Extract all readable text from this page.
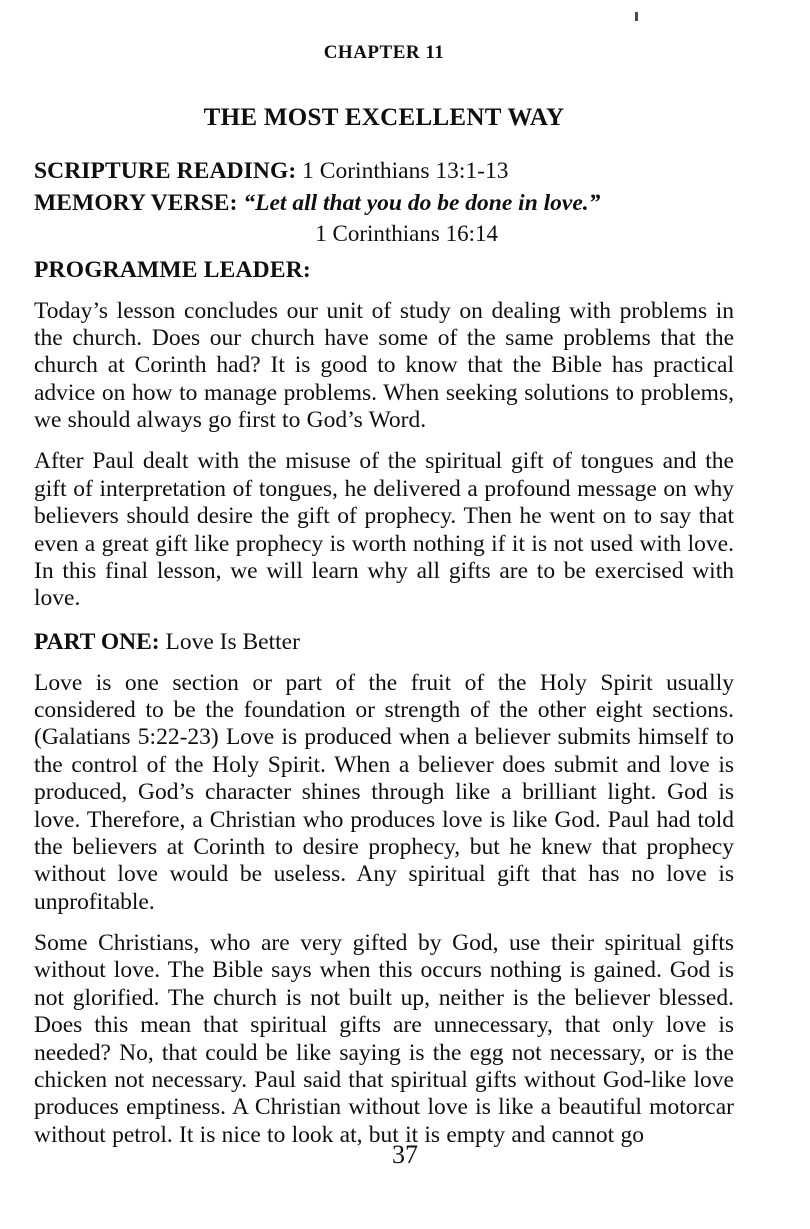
CHAPTER 11
THE MOST EXCELLENT WAY
SCRIPTURE READING: 1 Corinthians 13:1-13
MEMORY VERSE: “Let all that you do be done in love.”
1 Corinthians 16:14
PROGRAMME LEADER:

Today’s lesson concludes our unit of study on dealing with problems in the church. Does our church have some of the same problems that the church at Corinth had? It is good to know that the Bible has practical advice on how to manage problems. When seeking solutions to problems, we should always go first to God’s Word.

After Paul dealt with the misuse of the spiritual gift of tongues and the gift of interpretation of tongues, he delivered a profound message on why believers should desire the gift of prophecy. Then he went on to say that even a great gift like prophecy is worth nothing if it is not used with love. In this final lesson, we will learn why all gifts are to be exercised with love.

PART ONE: Love Is Better

Love is one section or part of the fruit of the Holy Spirit usually considered to be the foundation or strength of the other eight sections. (Galatians 5:22-23) Love is produced when a believer submits himself to the control of the Holy Spirit. When a believer does submit and love is produced, God’s character shines through like a brilliant light. God is love. Therefore, a Christian who produces love is like God. Paul had told the believers at Corinth to desire prophecy, but he knew that prophecy without love would be useless. Any spiritual gift that has no love is unprofitable.

Some Christians, who are very gifted by God, use their spiritual gifts without love. The Bible says when this occurs nothing is gained. God is not glorified. The church is not built up, neither is the believer blessed. Does this mean that spiritual gifts are unnecessary, that only love is needed? No, that could be like saying is the egg not necessary, or is the chicken not necessary. Paul said that spiritual gifts without God-like love produces emptiness. A Christian without love is like a beautiful motorcar without petrol. It is nice to look at, but it is empty and cannot go

37
